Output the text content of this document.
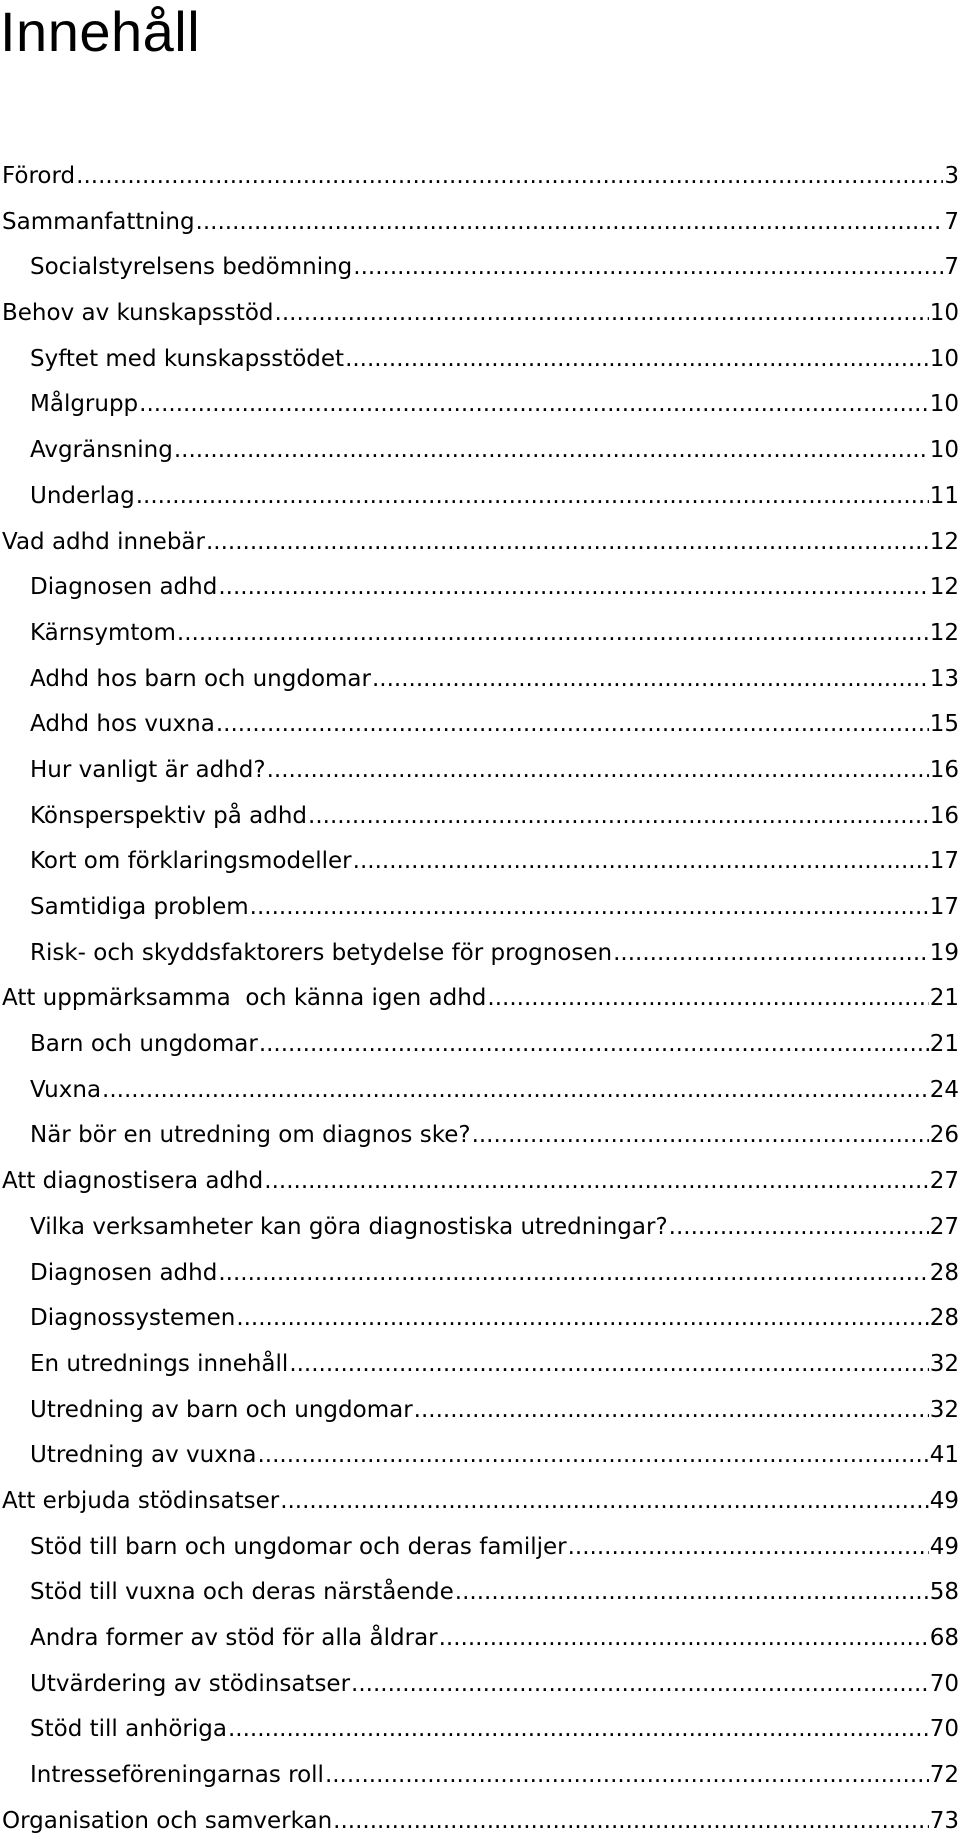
Innehåll
Förord .....	3
Sammanfattning .....	7
Socialstyrelsens bedömning .....	7
Behov av kunskapsstöd .....	10
Syftet med kunskapsstödet .....	10
Målgrupp .....	10
Avgränsning .....	10
Underlag .....	11
Vad adhd innebär .....	12
Diagnosen adhd .....	12
Kärnsymtom .....	12
Adhd hos barn och ungdomar .....	13
Adhd hos vuxna .....	15
Hur vanligt är adhd? .....	16
Könsperspektiv på adhd .....	16
Kort om förklaringsmodeller .....	17
Samtidiga problem .....	17
Risk- och skyddsfaktorers betydelse för prognosen .....	19
Att uppmärksamma  och känna igen adhd .....	21
Barn och ungdomar .....	21
Vuxna .....	24
När bör en utredning om diagnos ske? .....	26
Att diagnostisera adhd .....	27
Vilka verksamheter kan göra diagnostiska utredningar? .....	27
Diagnosen adhd .....	28
Diagnossystemen .....	28
En utrednings innehåll .....	32
Utredning av barn och ungdomar .....	32
Utredning av vuxna .....	41
Att erbjuda stödinsatser .....	49
Stöd till barn och ungdomar och deras familjer .....	49
Stöd till vuxna och deras närstående .....	58
Andra former av stöd för alla åldrar .....	68
Utvärdering av stödinsatser .....	70
Stöd till anhöriga .....	70
Intresseföreningarnas roll .....	72
Organisation och samverkan .....	73
